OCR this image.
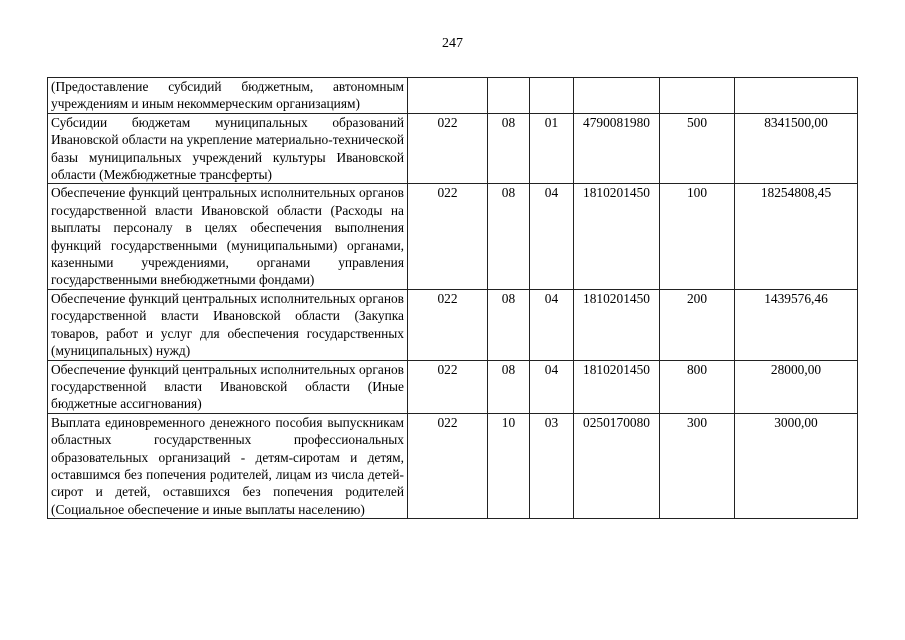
247
(Предоставление субсидий бюджетным, автономным учреждениям и иным некоммерческим организациям)						
Субсидии бюджетам муниципальных образований Ивановской области на укрепление материально-технической базы муниципальных учреждений культуры Ивановской области (Межбюджетные трансферты)	022	08	01	4790081980	500	8341500,00
Обеспечение функций центральных исполнительных органов государственной власти Ивановской области (Расходы на выплаты персоналу в целях обеспечения выполнения функций государственными (муниципальными) органами, казенными учреждениями, органами управления государственными внебюджетными фондами)	022	08	04	1810201450	100	18254808,45
Обеспечение функций центральных исполнительных органов государственной власти Ивановской области (Закупка товаров, работ и услуг для обеспечения государственных (муниципальных) нужд)	022	08	04	1810201450	200	1439576,46
Обеспечение функций центральных исполнительных органов государственной власти Ивановской области (Иные бюджетные ассигнования)	022	08	04	1810201450	800	28000,00
Выплата единовременного денежного пособия выпускникам областных государственных профессиональных образовательных организаций - детям-сиротам и детям, оставшимся без попечения родителей, лицам из числа детей-сирот и детей, оставшихся без попечения родителей (Социальное обеспечение и иные выплаты населению)	022	10	03	0250170080	300	3000,00
